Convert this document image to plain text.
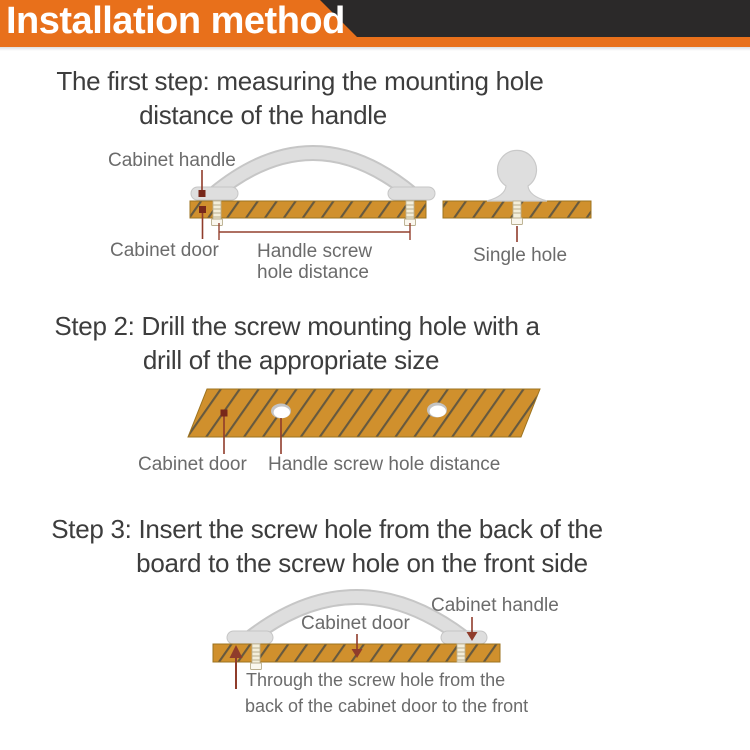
Installation method

The first step: measuring the mounting hole

distance of the handle

Step 2: Drill the screw mounting hole with a

drill of the appropriate size

Step 3: Insert the screw hole from the back of the

board to the screw hole on the front side

Cabinet handle
Cabinet door Handle screw
hole distance
Single hole
Cabinet door Handle screw hole distance
Cabinet handle
Cabinet door
Through the screw hole from the
back of the cabinet door to the front
